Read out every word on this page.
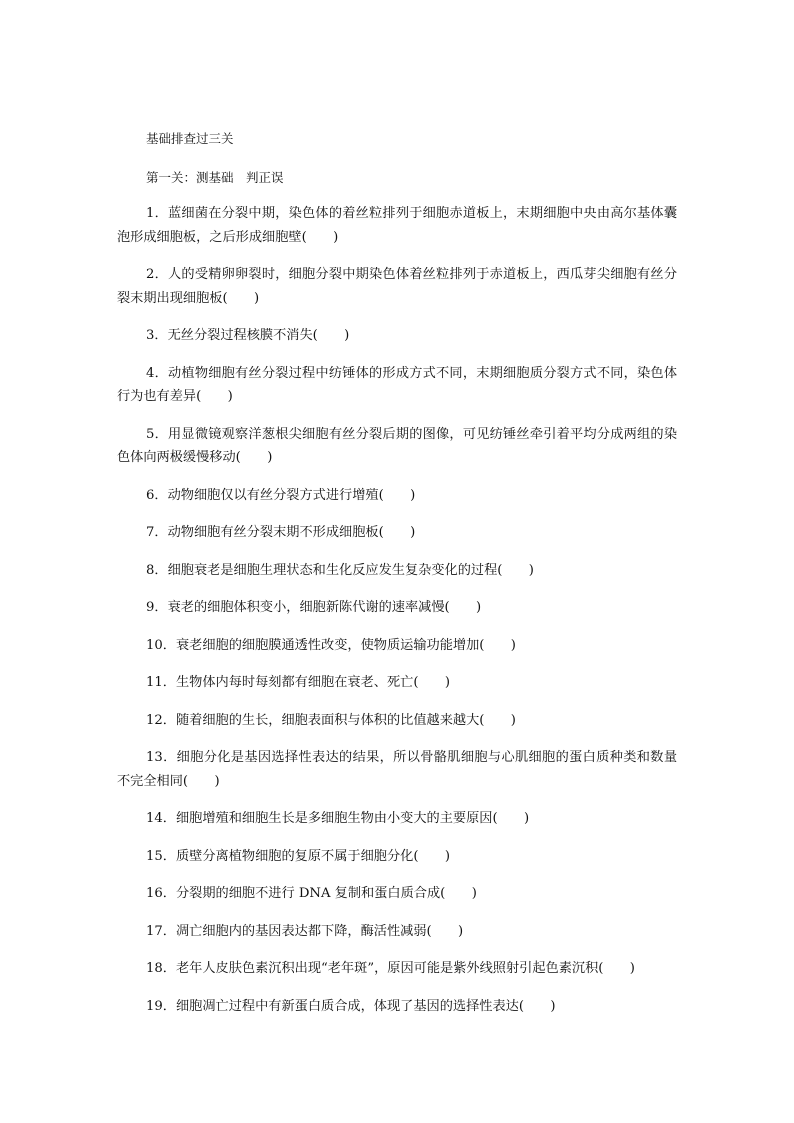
基础排查过三关

第一关：测基础　判正误

1．蓝细菌在分裂中期，染色体的着丝粒排列于细胞赤道板上，末期细胞中央由高尔基体囊泡形成细胞板，之后形成细胞壁(　　)
2．人的受精卵卵裂时，细胞分裂中期染色体着丝粒排列于赤道板上，西瓜芽尖细胞有丝分裂末期出现细胞板(　　)
3．无丝分裂过程核膜不消失(　　)
4．动植物细胞有丝分裂过程中纺锤体的形成方式不同，末期细胞质分裂方式不同，染色体行为也有差异(　　)
5．用显微镜观察洋葱根尖细胞有丝分裂后期的图像，可见纺锤丝牵引着平均分成两组的染色体向两极缓慢移动(　　)
6．动物细胞仅以有丝分裂方式进行增殖(　　)
7．动物细胞有丝分裂末期不形成细胞板(　　)
8．细胞衰老是细胞生理状态和生化反应发生复杂变化的过程(　　)
9．衰老的细胞体积变小，细胞新陈代谢的速率减慢(　　)
10．衰老细胞的细胞膜通透性改变，使物质运输功能增加(　　)
11．生物体内每时每刻都有细胞在衰老、死亡(　　)
12．随着细胞的生长，细胞表面积与体积的比值越来越大(　　)
13．细胞分化是基因选择性表达的结果，所以骨骼肌细胞与心肌细胞的蛋白质种类和数量不完全相同(　　)
14．细胞增殖和细胞生长是多细胞生物由小变大的主要原因(　　)
15．质壁分离植物细胞的复原不属于细胞分化(　　)
16．分裂期的细胞不进行 DNA 复制和蛋白质合成(　　)
17．凋亡细胞内的基因表达都下降，酶活性减弱(　　)
18．老年人皮肤色素沉积出现“老年斑”，原因可能是紫外线照射引起色素沉积(　　)
19．细胞凋亡过程中有新蛋白质合成，体现了基因的选择性表达(　　)
